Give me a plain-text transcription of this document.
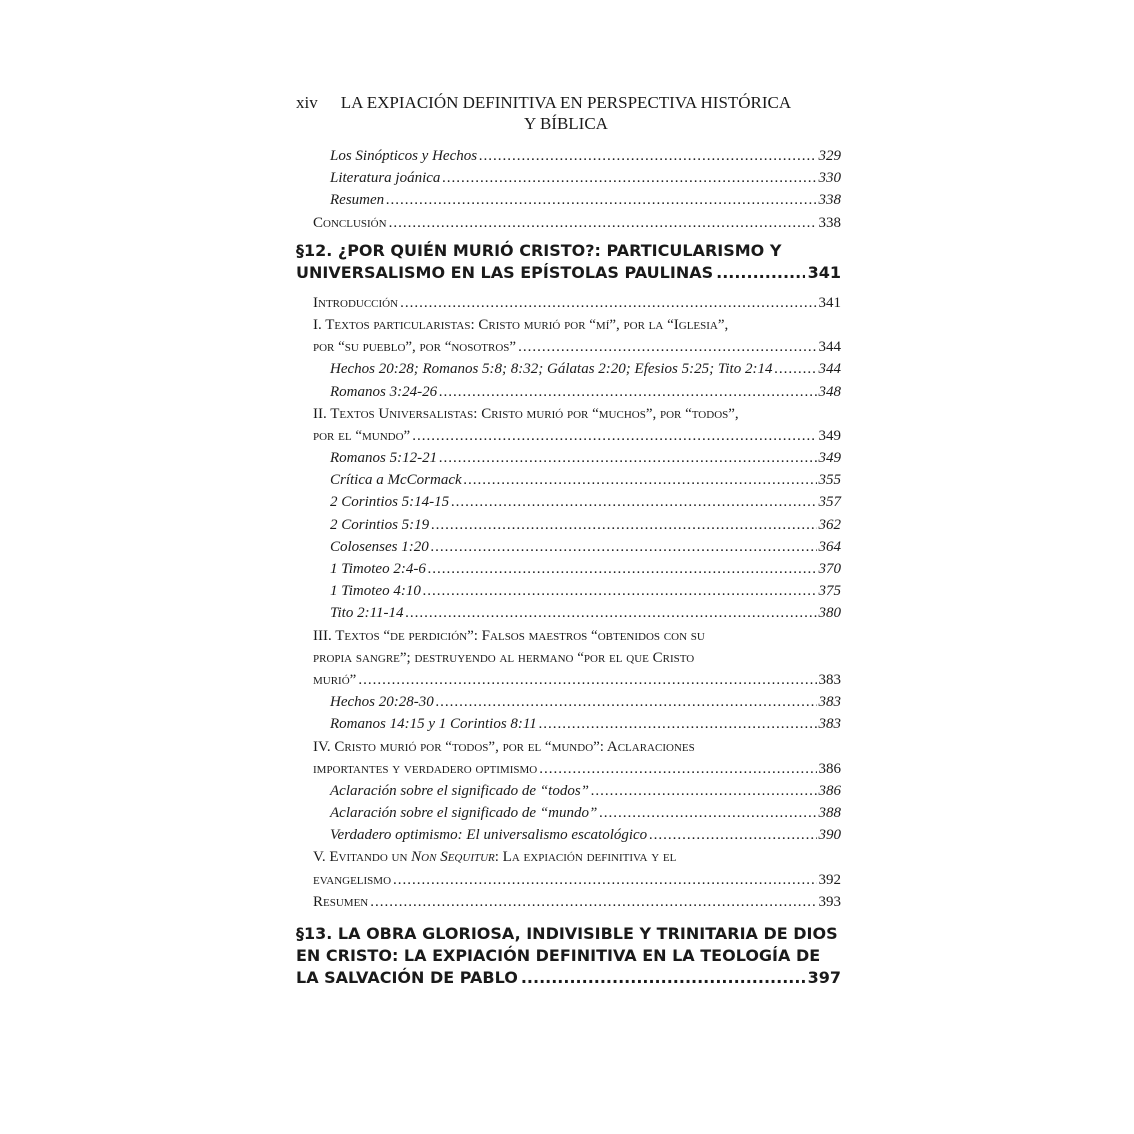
xiv LA EXPIACIÓN DEFINITIVA EN PERSPECTIVA HISTÓRICA Y BÍBLICA
Los Sinópticos y Hechos .....	329
Literatura joánica .....	330
Resumen .....	338
Conclusión .....	338
§12. ¿POR QUIÉN MURIÓ CRISTO?: PARTICULARISMO Y
UNIVERSALISMO EN LAS EPÍSTOLAS PAULINAS .....	341
Introducción .....	341
I. Textos particularistas: Cristo murió por “mí”, por la “Iglesia”,
por “su pueblo”, por “nosotros” .....	344
Hechos 20:28; Romanos 5:8; 8:32; Gálatas 2:20; Efesios 5:25; Tito 2:14 .....	344
Romanos 3:24-26 .....	348
II. Textos Universalistas: Cristo murió por “muchos”, por “todos”,
por el “mundo” .....	349
Romanos 5:12-21 .....	349
Crítica a McCormack .....	355
2 Corintios 5:14-15 .....	357
2 Corintios 5:19 .....	362
Colosenses 1:20 .....	364
1 Timoteo 2:4-6 .....	370
1 Timoteo 4:10 .....	375
Tito 2:11-14 .....	380
III. Textos “de perdición”: Falsos maestros “obtenidos con su
propia sangre”; destruyendo al hermano “por el que Cristo
murió” .....	383
Hechos 20:28-30 .....	383
Romanos 14:15 y 1 Corintios 8:11 .....	383
IV. Cristo murió por “todos”, por el “mundo”: Aclaraciones
importantes y verdadero optimismo .....	386
Aclaración sobre el significado de “todos” .....	386
Aclaración sobre el significado de “mundo” .....	388
Verdadero optimismo: El universalismo escatológico .....	390
V. Evitando un Non Sequitur: La expiación definitiva y el
evangelismo .....	392
Resumen .....	393
§13. LA OBRA GLORIOSA, INDIVISIBLE Y TRINITARIA DE DIOS
EN CRISTO: LA EXPIACIÓN DEFINITIVA EN LA TEOLOGÍA DE
LA SALVACIÓN DE PABLO .....	397
